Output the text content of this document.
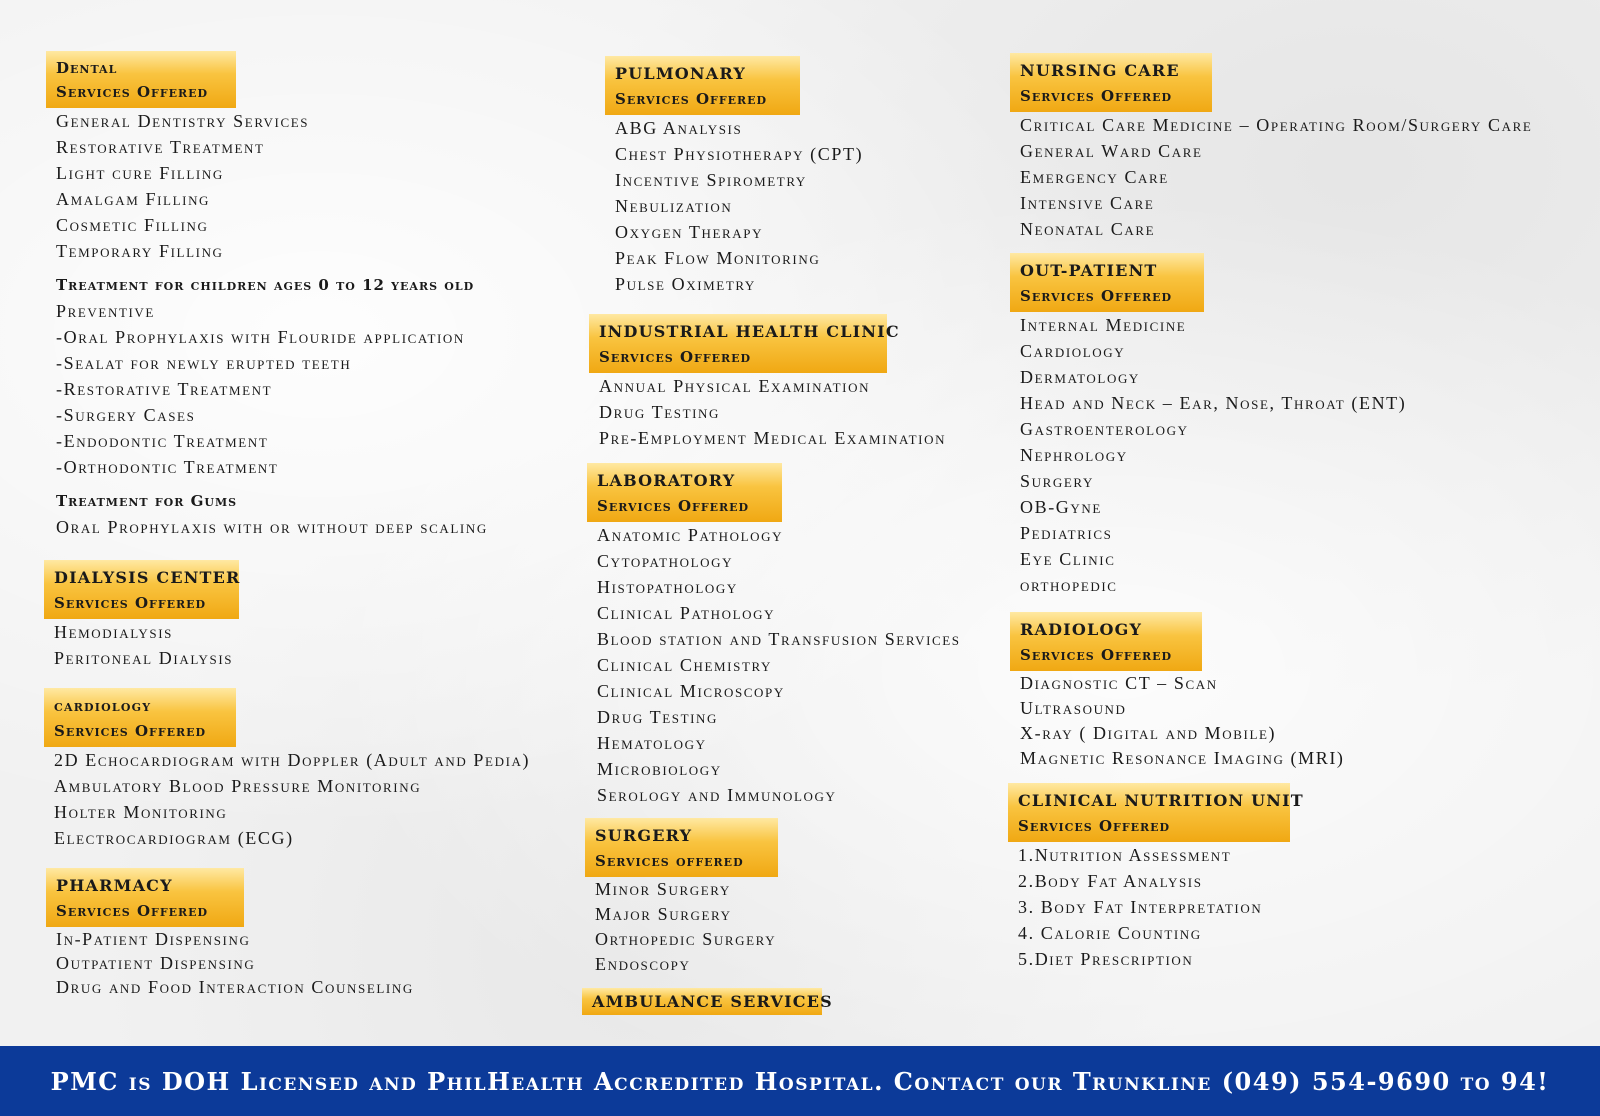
Dental
Services Offered
General Dentistry Services
Restorative Treatment
Light cure Filling
Amalgam Filling
Cosmetic Filling
Temporary Filling
Treatment for children ages 0 to 12 years old
Preventive
-Oral Prophylaxis with Flouride application
-Sealat for newly erupted teeth
-Restorative Treatment
-Surgery Cases
-Endodontic Treatment
-Orthodontic Treatment
Treatment for Gums
Oral Prophylaxis with or without deep scaling
DIALYSIS CENTER
Services Offered
Hemodialysis
Peritoneal Dialysis
cardiology
Services Offered
2D Echocardiogram with Doppler (Adult and Pedia)
Ambulatory Blood Pressure Monitoring
Holter Monitoring
Electrocardiogram (ECG)
PHARMACY
Services Offered
In-Patient Dispensing
Outpatient Dispensing
Drug and Food Interaction Counseling
PULMONARY
Services Offered
ABG Analysis
Chest Physiotherapy (CPT)
Incentive Spirometry
Nebulization
Oxygen Therapy
Peak Flow Monitoring
Pulse Oximetry
INDUSTRIAL HEALTH CLINIC
Services Offered
Annual Physical Examination
Drug Testing
Pre-Employment Medical Examination
LABORATORY
Services Offered
Anatomic Pathology
Cytopathology
Histopathology
Clinical Pathology
Blood station and Transfusion Services
Clinical Chemistry
Clinical Microscopy
Drug Testing
Hematology
Microbiology
Serology and Immunology
SURGERY
Services offered
Minor Surgery
Major Surgery
Orthopedic Surgery
Endoscopy
AMBULANCE SERVICES
NURSING CARE
Services Offered
Critical Care Medicine – Operating Room/Surgery Care
General Ward Care
Emergency Care
Intensive Care
Neonatal Care
OUT-PATIENT
Services Offered
Internal Medicine
Cardiology
Dermatology
Head and Neck – Ear, Nose, Throat (ENT)
Gastroenterology
Nephrology
Surgery
OB-Gyne
Pediatrics
Eye Clinic
orthopedic
RADIOLOGY
Services Offered
Diagnostic CT – Scan
Ultrasound
X-ray ( Digital and Mobile)
Magnetic Resonance Imaging (MRI)
CLINICAL NUTRITION UNIT
Services Offered
1.Nutrition Assessment
2.Body Fat Analysis
3. Body Fat Interpretation
4. Calorie Counting
5.Diet Prescription
PMC is DOH Licensed and PhilHealth Accredited Hospital. Contact our Trunkline (049) 554-9690 to 94!
